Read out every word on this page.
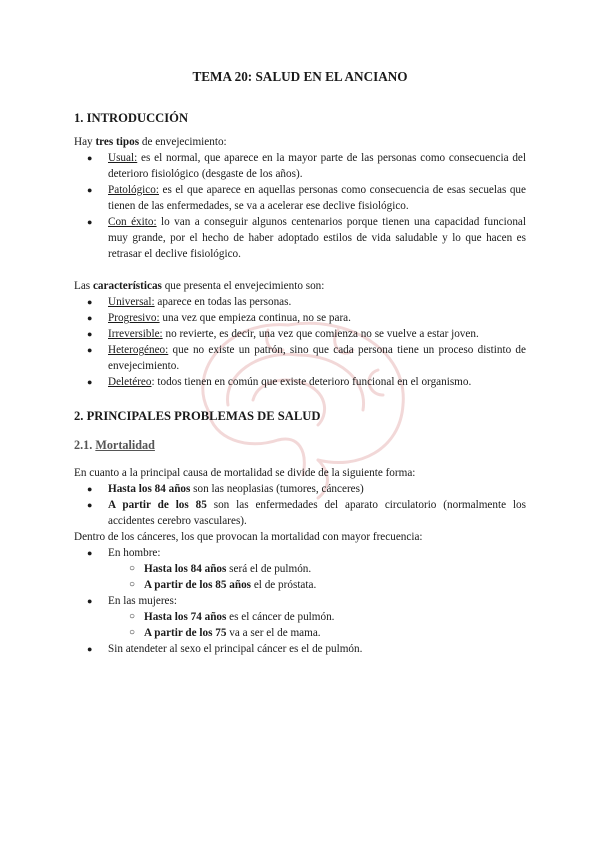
TEMA 20: SALUD EN EL ANCIANO
1. INTRODUCCIÓN
Hay tres tipos de envejecimiento:
● Usual: es el normal, que aparece en la mayor parte de las personas como consecuencia del deterioro fisiológico (desgaste de los años).
● Patológico: es el que aparece en aquellas personas como consecuencia de esas secuelas que tienen de las enfermedades, se va a acelerar ese declive fisiológico.
● Con éxito: lo van a conseguir algunos centenarios porque tienen una capacidad funcional muy grande, por el hecho de haber adoptado estilos de vida saludable y lo que hacen es retrasar el declive fisiológico.
Las características que presenta el envejecimiento son:
● Universal: aparece en todas las personas.
● Progresivo: una vez que empieza continua, no se para.
● Irreversible: no revierte, es decir, una vez que comienza no se vuelve a estar joven.
● Heterogéneo: que no existe un patrón, sino que cada persona tiene un proceso distinto de envejecimiento.
● Deletéreo: todos tienen en común que existe deterioro funcional en el organismo.
2. PRINCIPALES PROBLEMAS DE SALUD
2.1. Mortalidad
En cuanto a la principal causa de mortalidad se divide de la siguiente forma:
● Hasta los 84 años son las neoplasias (tumores, cánceres)
● A partir de los 85 son las enfermedades del aparato circulatorio (normalmente los accidentes cerebro vasculares).
Dentro de los cánceres, los que provocan la mortalidad con mayor frecuencia:
● En hombre:
○ Hasta los 84 años será el de pulmón.
○ A partir de los 85 años el de próstata.
● En las mujeres:
○ Hasta los 74 años es el cáncer de pulmón.
○ A partir de los 75 va a ser el de mama.
● Sin atendeter al sexo el principal cáncer es el de pulmón.
